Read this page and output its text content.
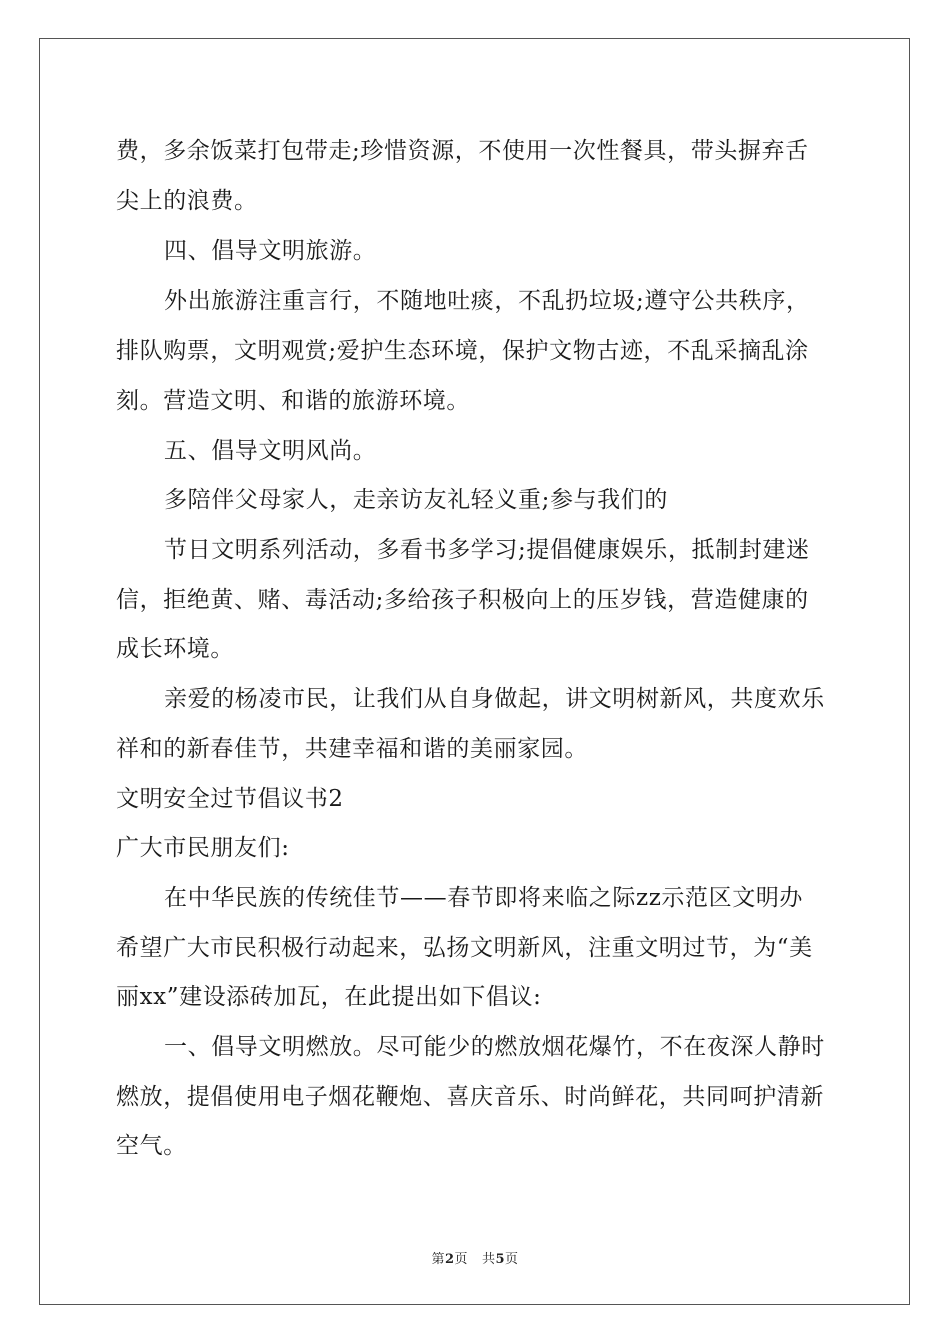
费，多余饭菜打包带走;珍惜资源，不使用一次性餐具，带头摒弃舌
尖上的浪费。
四、倡导文明旅游。
外出旅游注重言行，不随地吐痰，不乱扔垃圾;遵守公共秩序，
排队购票，文明观赏;爱护生态环境，保护文物古迹，不乱采摘乱涂
刻。营造文明、和谐的旅游环境。
五、倡导文明风尚。
多陪伴父母家人，走亲访友礼轻义重;参与我们的
节日文明系列活动，多看书多学习;提倡健康娱乐，抵制封建迷
信，拒绝黄、赌、毒活动;多给孩子积极向上的压岁钱，营造健康的
成长环境。
亲爱的杨凌市民，让我们从自身做起，讲文明树新风，共度欢乐
祥和的新春佳节，共建幸福和谐的美丽家园。
文明安全过节倡议书2
广大市民朋友们:
在中华民族的传统佳节——春节即将来临之际zz示范区文明办
希望广大市民积极行动起来，弘扬文明新风，注重文明过节，为“美
丽xx”建设添砖加瓦，在此提出如下倡议:
一、倡导文明燃放。尽可能少的燃放烟花爆竹，不在夜深人静时
燃放，提倡使用电子烟花鞭炮、喜庆音乐、时尚鲜花，共同呵护清新
空气。
第2页   共5页
